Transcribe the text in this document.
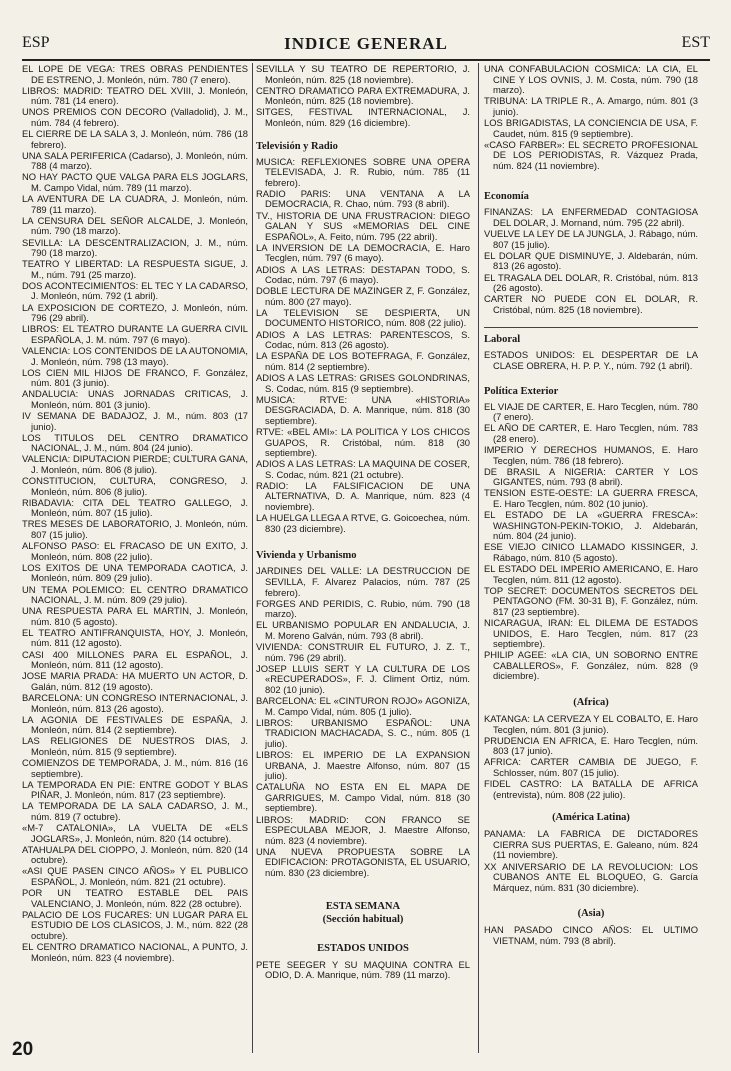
INDICE GENERAL
ESP	EST

EL LOPE DE VEGA: TRES OBRAS PENDIENTES DE ESTRENO, J. Monleón, núm. 780 (7 enero).

LIBROS: MADRID: TEATRO DEL XVIII, J. Monleón, núm. 781 (14 enero).

UNOS PREMIOS CON DECORO (Valladolid), J. M., núm. 784 (4 febrero).

EL CIERRE DE LA SALA 3, J. Monleón, núm. 786 (18 febrero).

UNA SALA PERIFERICA (Cadarso), J. Monleón, núm. 788 (4 marzo).

NO HAY PACTO QUE VALGA PARA ELS JOGLARS, M. Campo Vidal, núm. 789 (11 marzo).

LA AVENTURA DE LA CUADRA, J. Monleón, núm. 789 (11 marzo).

LA CENSURA DEL SEÑOR ALCALDE, J. Monleón, núm. 790 (18 marzo).

SEVILLA: LA DESCENTRALIZACION, J. M., núm. 790 (18 marzo).

TEATRO Y LIBERTAD: LA RESPUESTA SIGUE, J. M., núm. 791 (25 marzo).

DOS ACONTECIMIENTOS: EL TEC Y LA CADARSO, J. Monleón, núm. 792 (1 abril).

LA EXPOSICION DE CORTEZO, J. Monleón, núm. 796 (29 abril).

LIBROS: EL TEATRO DURANTE LA GUERRA CIVIL ESPAÑOLA, J. M. núm. 797 (6 mayo).

VALENCIA: LOS CONTENIDOS DE LA AUTONOMIA, J. Monleón, núm. 798 (13 mayo).

LOS CIEN MIL HIJOS DE FRANCO, F. González, núm. 801 (3 junio).

ANDALUCIA: UNAS JORNADAS CRITICAS, J. Monleón, núm. 801 (3 junio).

IV SEMANA DE BADAJOZ, J. M., núm. 803 (17 junio).

LOS TITULOS DEL CENTRO DRAMATICO NACIONAL, J. M., núm. 804 (24 junio).

VALENCIA: DIPUTACION PIERDE; CULTURA GANA, J. Monleón, núm. 806 (8 julio).

CONSTITUCION, CULTURA, CONGRESO, J. Monleón, núm. 806 (8 julio).

RIBADAVIA: CITA DEL TEATRO GALLEGO, J. Monleón, núm. 807 (15 julio).

TRES MESES DE LABORATORIO, J. Monleón, núm. 807 (15 julio).

ALFONSO PASO: EL FRACASO DE UN EXITO, J. Monleón, núm. 808 (22 julio).

LOS EXITOS DE UNA TEMPORADA CAOTICA, J. Monleón, núm. 809 (29 julio).

UN TEMA POLEMICO: EL CENTRO DRAMATICO NACIONAL, J. M. núm. 809 (29 julio).

UNA RESPUESTA PARA EL MARTIN, J. Monleón, núm. 810 (5 agosto).

EL TEATRO ANTIFRANQUISTA, HOY, J. Monleón, núm. 811 (12 agosto).

CASI 400 MILLONES PARA EL ESPAÑOL, J. Monleón, núm. 811 (12 agosto).

JOSE MARIA PRADA: HA MUERTO UN ACTOR, D. Galán, núm. 812 (19 agosto).

BARCELONA: UN CONGRESO INTERNACIONAL, J. Monleón, núm. 813 (26 agosto).

LA AGONIA DE FESTIVALES DE ESPAÑA, J. Monleón, núm. 814 (2 septiembre).

LAS RELIGIONES DE NUESTROS DIAS, J. Monleón, núm. 815 (9 septiembre).

COMIENZOS DE TEMPORADA, J. M., núm. 816 (16 septiembre).

LA TEMPORADA EN PIE: ENTRE GODOT Y BLAS PIÑAR, J. Monleón, núm. 817 (23 septiembre).

LA TEMPORADA DE LA SALA CADARSO, J. M., núm. 819 (7 octubre).

«M-7 CATALONIA», LA VUELTA DE «ELS JOGLARS», J. Monleón, núm. 820 (14 octubre).

ATAHUALPA DEL CIOPPO, J. Monleón, núm. 820 (14 octubre).

«ASI QUE PASEN CINCO AÑOS» Y EL PUBLICO ESPAÑOL, J. Monleón, núm. 821 (21 octubre).

POR UN TEATRO ESTABLE DEL PAIS VALENCIANO, J. Monleón, núm. 822 (28 octubre).

PALACIO DE LOS FUCARES: UN LUGAR PARA EL ESTUDIO DE LOS CLASICOS, J. M., núm. 822 (28 octubre).

EL CENTRO DRAMATICO NACIONAL, A PUNTO, J. Monleón, núm. 823 (4 noviembre).

SEVILLA Y SU TEATRO DE REPERTORIO, J. Monleón, núm. 825 (18 noviembre).

CENTRO DRAMATICO PARA EXTREMADURA, J. Monleón, núm. 825 (18 noviembre).

SITGES, FESTIVAL INTERNACIONAL, J. Monleón, núm. 829 (16 diciembre).

Televisión y Radio

MUSICA: REFLEXIONES SOBRE UNA OPERA TELEVISADA, J. R. Rubio, núm. 785 (11 febrero).

RADIO PARIS: UNA VENTANA A LA DEMOCRACIA, R. Chao, núm. 793 (8 abril).

TV., HISTORIA DE UNA FRUSTRACION: DIEGO GALAN Y SUS «MEMORIAS DEL CINE ESPAÑOL», A. Feito, núm. 795 (22 abril).

LA INVERSION DE LA DEMOCRACIA, E. Haro Tecglen, núm. 797 (6 mayo).

ADIOS A LAS LETRAS: DESTAPAN TODO, S. Codac, núm. 797 (6 mayo).

DOBLE LECTURA DE MAZINGER Z, F. González, núm. 800 (27 mayo).

LA TELEVISION SE DESPIERTA, UN DOCUMENTO HISTORICO, núm. 808 (22 julio).

ADIOS A LAS LETRAS: PARENTESCOS, S. Codac, núm. 813 (26 agosto).

LA ESPAÑA DE LOS BOTEFRAGA, F. González, núm. 814 (2 septiembre).

ADIOS A LAS LETRAS: GRISES GOLONDRINAS, S. Codac, núm. 815 (9 septiembre).

MUSICA: RTVE: UNA «HISTORIA» DESGRACIADA, D. A. Manrique, núm. 818 (30 septiembre).

RTVE: «BEL AMI»: LA POLITICA Y LOS CHICOS GUAPOS, R. Cristóbal, núm. 818 (30 septiembre).

ADIOS A LAS LETRAS: LA MAQUINA DE COSER, S. Codac, núm. 821 (21 octubre).

RADIO: LA FALSIFICACION DE UNA ALTERNATIVA, D. A. Manrique, núm. 823 (4 noviembre).

LA HUELGA LLEGA A RTVE, G. Goicoechea, núm. 830 (23 diciembre).

Vivienda y Urbanismo

JARDINES DEL VALLE: LA DESTRUCCION DE SEVILLA, F. Alvarez Palacios, núm. 787 (25 febrero).

FORGES AND PERIDIS, C. Rubio, núm. 790 (18 marzo).

EL URBANISMO POPULAR EN ANDALUCIA, J. M. Moreno Galván, núm. 793 (8 abril).

VIVIENDA: CONSTRUIR EL FUTURO, J. Z. T., núm. 796 (29 abril).

JOSEP LLUIS SERT Y LA CULTURA DE LOS «RECUPERADOS», F. J. Climent Ortiz, núm. 802 (10 junio).

BARCELONA: EL «CINTURON ROJO» AGONIZA, M. Campo Vidal, núm. 805 (1 julio).

LIBROS: URBANISMO ESPAÑOL: UNA TRADICION MACHACADA, S. C., núm. 805 (1 julio).

LIBROS: EL IMPERIO DE LA EXPANSION URBANA, J. Maestre Alfonso, núm. 807 (15 julio).

CATALUÑA NO ESTA EN EL MAPA DE GARRIGUES, M. Campo Vidal, núm. 818 (30 septiembre).

LIBROS: MADRID: CON FRANCO SE ESPECULABA MEJOR, J. Maestre Alfonso, núm. 823 (4 noviembre).

UNA NUEVA PROPUESTA SOBRE LA EDIFICACION: PROTAGONISTA, EL USUARIO, núm. 830 (23 diciembre).

ESTA SEMANA
(Sección habitual)
ESTADOS UNIDOS

PETE SEEGER Y SU MAQUINA CONTRA EL ODIO, D. A. Manrique, núm. 789 (11 marzo).

UNA CONFABULACION COSMICA: LA CIA, EL CINE Y LOS OVNIS, J. M. Costa, núm. 790 (18 marzo).

TRIBUNA: LA TRIPLE R., A. Amargo, núm. 801 (3 junio).

LOS BRIGADISTAS, LA CONCIENCIA DE USA, F. Caudet, núm. 815 (9 septiembre).

«CASO FARBER»: EL SECRETO PROFESIONAL DE LOS PERIODISTAS, R. Vázquez Prada, núm. 824 (11 noviembre).

Economía

FINANZAS: LA ENFERMEDAD CONTAGIOSA DEL DOLAR, J. Mornand, núm. 795 (22 abril).

VUELVE LA LEY DE LA JUNGLA, J. Rábago, núm. 807 (15 julio).

EL DOLAR QUE DISMINUYE, J. Aldebarán, núm. 813 (26 agosto).

EL TRAGALA DEL DOLAR, R. Cristóbal, núm. 813 (26 agosto).

CARTER NO PUEDE CON EL DOLAR, R. Cristóbal, núm. 825 (18 noviembre).

Laboral

ESTADOS UNIDOS: EL DESPERTAR DE LA CLASE OBRERA, H. P. P. Y., núm. 792 (1 abril).

Política Exterior

EL VIAJE DE CARTER, E. Haro Tecglen, núm. 780 (7 enero).

EL AÑO DE CARTER, E. Haro Tecglen, núm. 783 (28 enero).

IMPERIO Y DERECHOS HUMANOS, E. Haro Tecglen, núm. 786 (18 febrero).

DE BRASIL A NIGERIA: CARTER Y LOS GIGANTES, núm. 793 (8 abril).

TENSION ESTE-OESTE: LA GUERRA FRESCA, E. Haro Tecglen, núm. 802 (10 junio).

EL ESTADO DE LA «GUERRA FRESCA»: WASHINGTON-PEKIN-TOKIO, J. Aldebarán, núm. 804 (24 junio).

ESE VIEJO CINICO LLAMADO KISSINGER, J. Rábago, núm. 810 (5 agosto).

EL ESTADO DEL IMPERIO AMERICANO, E. Haro Tecglen, núm. 811 (12 agosto).

TOP SECRET: DOCUMENTOS SECRETOS DEL PENTAGONO (FM. 30-31 B), F. González, núm. 817 (23 septiembre).

NICARAGUA, IRAN: EL DILEMA DE ESTADOS UNIDOS, E. Haro Tecglen, núm. 817 (23 septiembre).

PHILIP AGEE: «LA CIA, UN SOBORNO ENTRE CABALLEROS», F. González, núm. 828 (9 diciembre).

(Africa)

KATANGA: LA CERVEZA Y EL COBALTO, E. Haro Tecglen, núm. 801 (3 junio).

PRUDENCIA EN AFRICA, E. Haro Tecglen, núm. 803 (17 junio).

AFRICA: CARTER CAMBIA DE JUEGO, F. Schlosser, núm. 807 (15 julio).

FIDEL CASTRO: LA BATALLA DE AFRICA (entrevista), núm. 808 (22 julio).

(América Latina)

PANAMA: LA FABRICA DE DICTADORES CIERRA SUS PUERTAS, E. Galeano, núm. 824 (11 noviembre).

XX ANIVERSARIO DE LA REVOLUCION: LOS CUBANOS ANTE EL BLOQUEO, G. García Márquez, núm. 831 (30 diciembre).

(Asia)

HAN PASADO CINCO AÑOS: EL ULTIMO VIETNAM, núm. 793 (8 abril).

20
